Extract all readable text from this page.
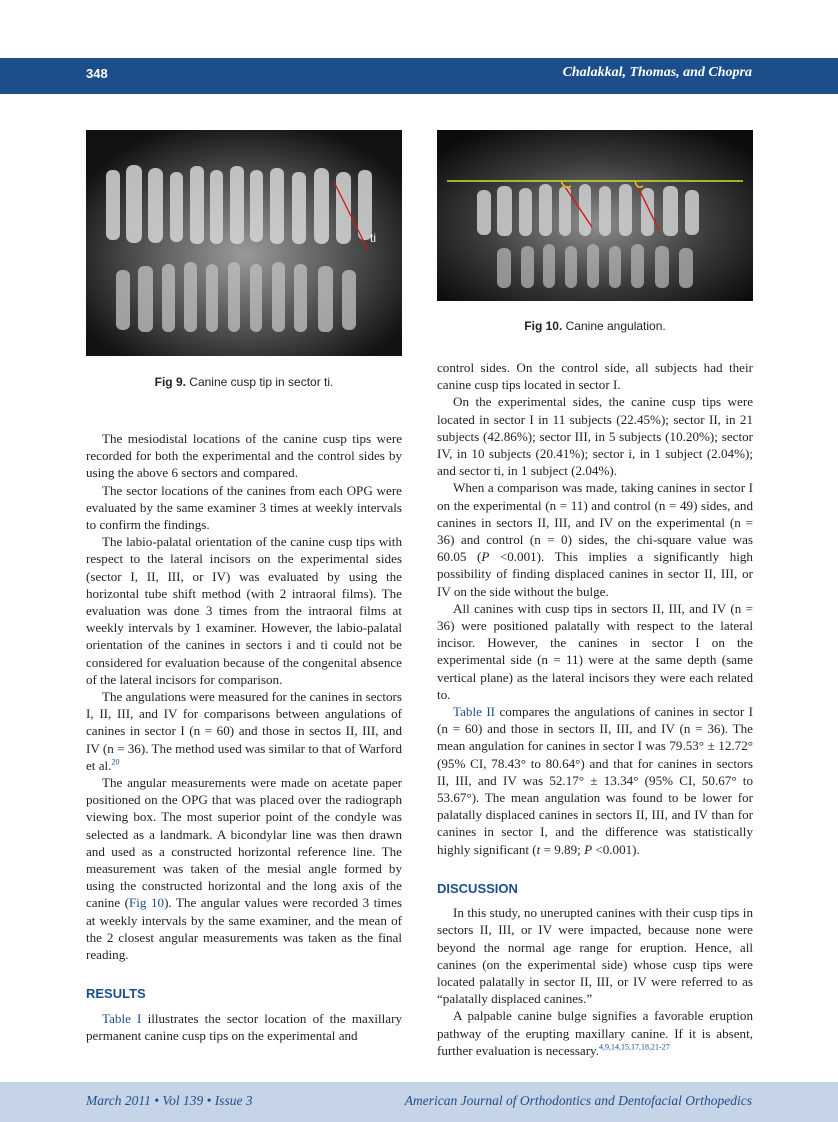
348	Chalakkal, Thomas, and Chopra
ti
Fig 9. Canine cusp tip in sector ti.
Fig 10. Canine angulation.

The mesiodistal locations of the canine cusp tips were recorded for both the experimental and the control sides by using the above 6 sectors and compared.

The sector locations of the canines from each OPG were evaluated by the same examiner 3 times at weekly intervals to confirm the findings.

The labio-palatal orientation of the canine cusp tips with respect to the lateral incisors on the experimental sides (sector I, II, III, or IV) was evaluated by using the horizontal tube shift method (with 2 intraoral films). The evaluation was done 3 times from the intraoral films at weekly intervals by 1 examiner. However, the labio-palatal orientation of the canines in sectors i and ti could not be considered for evaluation because of the congenital absence of the lateral incisors for comparison.

The angulations were measured for the canines in sectors I, II, III, and IV for comparisons between angulations of canines in sector I (n = 60) and those in sectos II, III, and IV (n = 36). The method used was similar to that of Warford et al.$^{20}$

The angular measurements were made on acetate paper positioned on the OPG that was placed over the radiograph viewing box. The most superior point of the condyle was selected as a landmark. A bicondylar line was then drawn and used as a constructed horizontal reference line. The measurement was taken of the mesial angle formed by using the constructed horizontal and the long axis of the canine (Fig 10). The angular values were recorded 3 times at weekly intervals by the same examiner, and the mean of the 2 closest angular measurements was taken as the final reading.

RESULTS

Table I illustrates the sector location of the maxillary permanent canine cusp tips on the experimental and

control sides. On the control side, all subjects had their canine cusp tips located in sector I.

On the experimental sides, the canine cusp tips were located in sector I in 11 subjects (22.45%); sector II, in 21 subjects (42.86%); sector III, in 5 subjects (10.20%); sector IV, in 10 subjects (20.41%); sector i, in 1 subject (2.04%); and sector ti, in 1 subject (2.04%).

When a comparison was made, taking canines in sector I on the experimental (n = 11) and control (n = 49) sides, and canines in sectors II, III, and IV on the experimental (n = 36) and control (n = 0) sides, the chi-square value was 60.05 (P <0.001). This implies a significantly high possibility of finding displaced canines in sector II, III, or IV on the side without the bulge.

All canines with cusp tips in sectors II, III, and IV (n = 36) were positioned palatally with respect to the lateral incisor. However, the canines in sector I on the experimental side (n = 11) were at the same depth (same vertical plane) as the lateral incisors they were each related to.

Table II compares the angulations of canines in sector I (n = 60) and those in sectors II, III, and IV (n = 36). The mean angulation for canines in sector I was 79.53° ± 12.72° (95% CI, 78.43° to 80.64°) and that for canines in sectors II, III, and IV was 52.17° ± 13.34° (95% CI, 50.67° to 53.67°). The mean angulation was found to be lower for palatally displaced canines in sectors II, III, and IV than for canines in sector I, and the difference was statistically highly significant (t = 9.89; P <0.001).

DISCUSSION

In this study, no unerupted canines with their cusp tips in sectors II, III, or IV were impacted, because none were beyond the normal age range for eruption. Hence, all canines (on the experimental side) whose cusp tips were located palatally in sector II, III, or IV were referred to as “palatally displaced canines.”

A palpable canine bulge signifies a favorable eruption pathway of the erupting maxillary canine. If it is absent, further evaluation is necessary.$^{4,9,14,15,17,18,21-27}$

March 2011 • Vol 139 • Issue 3	American Journal of Orthodontics and Dentofacial Orthopedics
